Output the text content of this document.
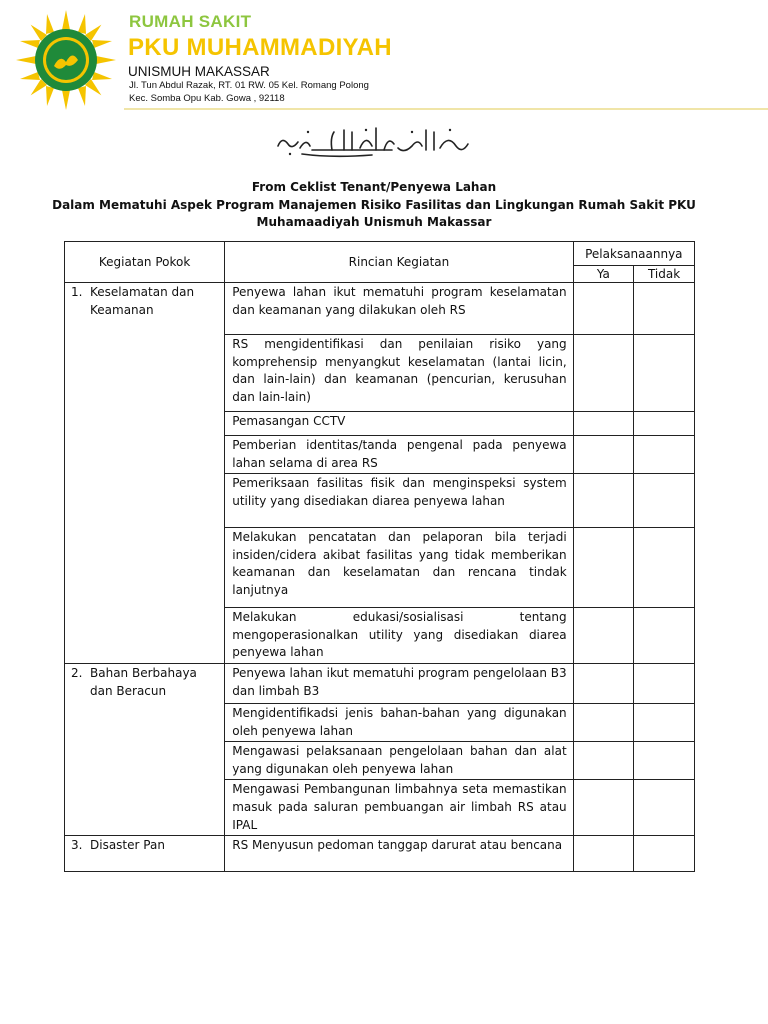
RUMAH SAKIT
PKU MUHAMMADIYAH
UNISMUH MAKASSAR
Jl. Tun Abdul Razak, RT. 01 RW. 05 Kel. Romang Polong
Kec. Somba Opu Kab. Gowa , 92118
From Ceklist Tenant/Penyewa Lahan
Dalam Mematuhi Aspek Program Manajemen Risiko Fasilitas dan Lingkungan Rumah Sakit PKU
Muhamaadiyah Unismuh Makassar
Kegiatan Pokok	Rincian Kegiatan	Pelaksanaannya	
		Ya	Tidak
1. Keselamatan dan Keamanan	Penyewa lahan ikut mematuhi program keselamatan dan keamanan yang dilakukan oleh RS		
	RS mengidentifikasi dan penilaian risiko yang komprehensip menyangkut keselamatan (lantai licin, dan lain-lain) dan keamanan (pencurian, kerusuhan dan lain-lain)		
	Pemasangan CCTV		
	Pemberian identitas/tanda pengenal pada penyewa lahan selama di area RS		
	Pemeriksaan fasilitas fisik dan menginspeksi system utility yang disediakan diarea penyewa lahan		
	Melakukan pencatatan dan pelaporan bila terjadi insiden/cidera akibat fasilitas yang tidak memberikan keamanan dan keselamatan dan rencana tindak lanjutnya		
	Melakukan edukasi/sosialisasi tentang mengoperasionalkan utility yang disediakan diarea penyewa lahan		
2. Bahan Berbahaya dan Beracun	Penyewa lahan ikut mematuhi program pengelolaan B3 dan limbah B3		
	Mengidentifikadsi jenis bahan-bahan yang digunakan oleh penyewa lahan		
	Mengawasi pelaksanaan pengelolaan bahan dan alat yang digunakan oleh penyewa lahan		
	Mengawasi Pembangunan limbahnya seta memastikan masuk pada saluran pembuangan air limbah RS atau IPAL		
3. Disaster Pan	RS Menyusun pedoman tanggap darurat atau bencana		
